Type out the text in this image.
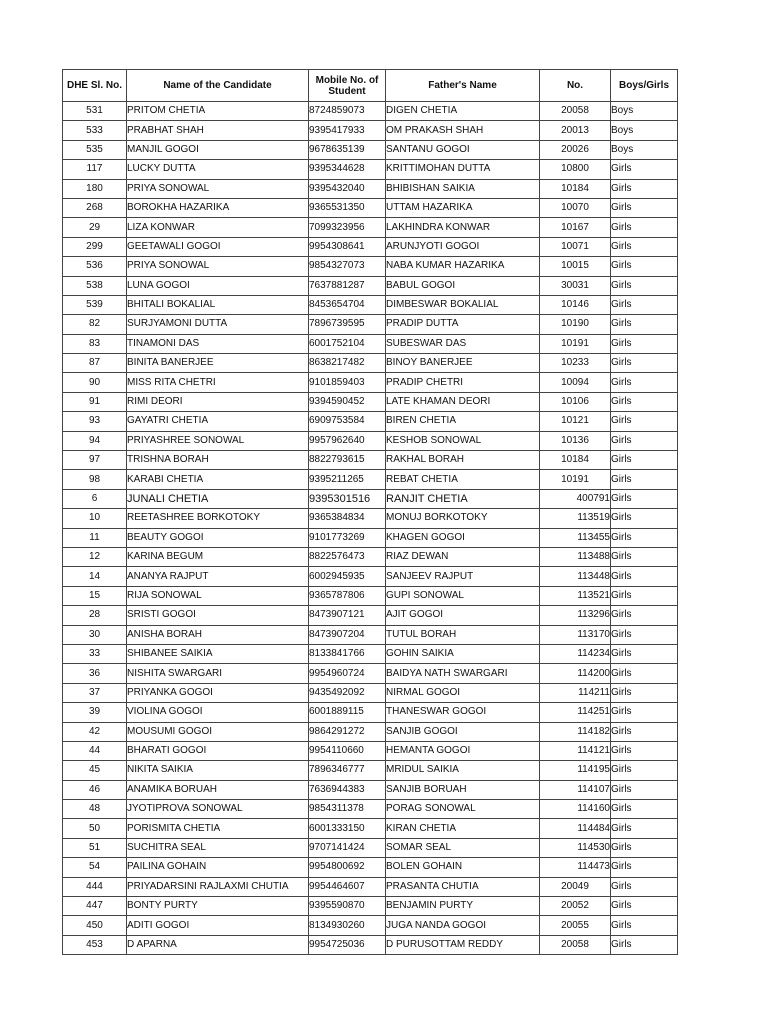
DHE Sl. No.	Name of the Candidate	Mobile No. of Student	Father's Name	No.	Boys/Girls
531	PRITOM CHETIA	8724859073	DIGEN CHETIA	20058	Boys
533	PRABHAT SHAH	9395417933	OM PRAKASH SHAH	20013	Boys
535	MANJIL GOGOI	9678635139	SANTANU GOGOI	20026	Boys
117	LUCKY DUTTA	9395344628	KRITTIMOHAN DUTTA	10800	Girls
180	PRIYA SONOWAL	9395432040	BHIBISHAN SAIKIA	10184	Girls
268	BOROKHA HAZARIKA	9365531350	UTTAM HAZARIKA	10070	Girls
29	LIZA KONWAR	7099323956	LAKHINDRA KONWAR	10167	Girls
299	GEETAWALI GOGOI	9954308641	ARUNJYOTI GOGOI	10071	Girls
536	PRIYA SONOWAL	9854327073	NABA KUMAR HAZARIKA	10015	Girls
538	LUNA GOGOI	7637881287	BABUL GOGOI	30031	Girls
539	BHITALI BOKALIAL	8453654704	DIMBESWAR BOKALIAL	10146	Girls
82	SURJYAMONI DUTTA	7896739595	PRADIP DUTTA	10190	Girls
83	TINAMONI DAS	6001752104	SUBESWAR DAS	10191	Girls
87	BINITA BANERJEE	8638217482	BINOY BANERJEE	10233	Girls
90	MISS RITA CHETRI	9101859403	PRADIP CHETRI	10094	Girls
91	RIMI DEORI	9394590452	LATE KHAMAN DEORI	10106	Girls
93	GAYATRI CHETIA	6909753584	BIREN CHETIA	10121	Girls
94	PRIYASHREE SONOWAL	9957962640	KESHOB SONOWAL	10136	Girls
97	TRISHNA BORAH	8822793615	RAKHAL BORAH	10184	Girls
98	KARABI CHETIA	9395211265	REBAT CHETIA	10191	Girls
6	JUNALI CHETIA	9395301516	RANJIT CHETIA	400791	Girls
10	REETASHREE BORKOTOKY	9365384834	MONUJ BORKOTOKY	113519	Girls
11	BEAUTY GOGOI	9101773269	KHAGEN GOGOI	113455	Girls
12	KARINA BEGUM	8822576473	RIAZ DEWAN	113488	Girls
14	ANANYA RAJPUT	6002945935	SANJEEV RAJPUT	113448	Girls
15	RIJA SONOWAL	9365787806	GUPI SONOWAL	113521	Girls
28	SRISTI GOGOI	8473907121	AJIT GOGOI	113296	Girls
30	ANISHA BORAH	8473907204	TUTUL BORAH	113170	Girls
33	SHIBANEE SAIKIA	8133841766	GOHIN SAIKIA	114234	Girls
36	NISHITA SWARGARI	9954960724	BAIDYA NATH SWARGARI	114200	Girls
37	PRIYANKA GOGOI	9435492092	NIRMAL GOGOI	114211	Girls
39	VIOLINA GOGOI	6001889115	THANESWAR GOGOI	114251	Girls
42	MOUSUMI GOGOI	9864291272	SANJIB GOGOI	114182	Girls
44	BHARATI GOGOI	9954110660	HEMANTA GOGOI	114121	Girls
45	NIKITA SAIKIA	7896346777	MRIDUL SAIKIA	114195	Girls
46	ANAMIKA BORUAH	7636944383	SANJIB BORUAH	114107	Girls
48	JYOTIPROVA SONOWAL	9854311378	PORAG SONOWAL	114160	Girls
50	PORISMITA CHETIA	6001333150	KIRAN CHETIA	114484	Girls
51	SUCHITRA SEAL	9707141424	SOMAR SEAL	114530	Girls
54	PAILINA GOHAIN	9954800692	BOLEN GOHAIN	114473	Girls
444	PRIYADARSINI RAJLAXMI CHUTIA	9954464607	PRASANTA CHUTIA	20049	Girls
447	BONTY PURTY	9395590870	BENJAMIN PURTY	20052	Girls
450	ADITI GOGOI	8134930260	JUGA NANDA GOGOI	20055	Girls
453	D APARNA	9954725036	D PURUSOTTAM REDDY	20058	Girls
